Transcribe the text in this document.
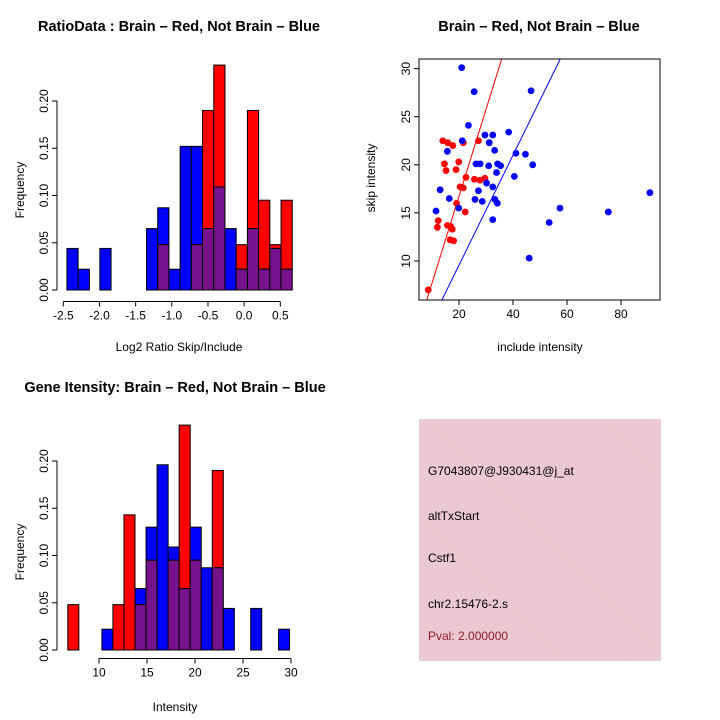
0.00
0.05
0.10
0.15
0.20
-2.5 -2.0 -1.5 -1.0 -0.5 0.0 0.5	20	40	60	80
10
15
20
25
30
0.00
0.05
0.10
0.15
0.20
10	15	20	25	30
RatioData : Brain – Red, Not Brain – Blue	Brain – Red, Not Brain – Blue
Gene Itensity: Brain – Red, Not Brain – Blue
Log2 Ratio Skip/Include	include intensity
Intensity
Frequency	skip intensity
Frequency
G7043807@J930431@j_at
altTxStart
Cstf1
chr2.15476-2.s
Pval: 2.000000
